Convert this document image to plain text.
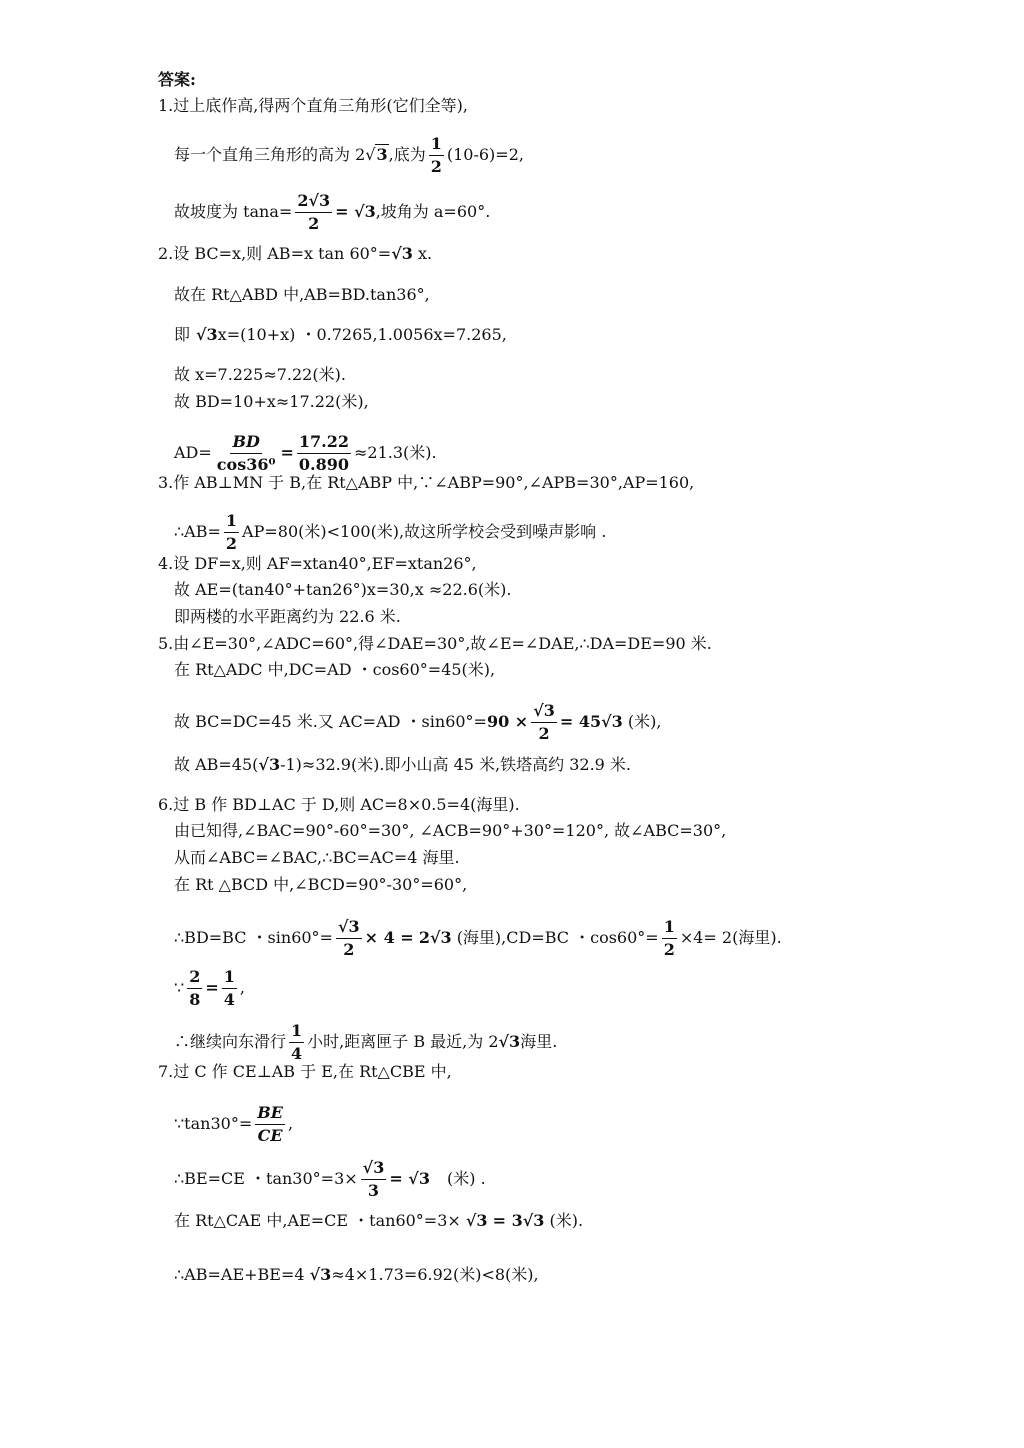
答案:
1.过上底作高,得两个直角三角形(它们全等),
每一个直角三角形的高为 2√3,底为 $\frac{1}{2} (10-6)=2$,
故坡度为 $\tan a= \frac{2√3}{2} = √3$,坡角为 a=60°.
2.设 BC=x,则 AB=x tan 60°=√3 x.
故在 Rt△ABD 中,AB=BD.tan36°,
即 √3x=(10+x) ・0.7265,1.0056x=7.265,
故 x=7.225≈7.22(米).
故 BD=10+x≈17.22(米),
$AD= \frac{BD}{\text{cos36⁰}} = \frac{17.22}{0.890} \approx 21.3$(米).
3.作 AB⊥MN 于 B,在 Rt△ABP 中,∵∠ABP=90°,∠APB=30°,AP=160,
∴AB= $\frac{1}{2} AP=80$(米)<100(米),故这所学校会受到噪声影响 .
4.设 DF=x,则 AF=xtan40°,EF=xtan26°,
故 AE=(tan40°+tan26°)x=30,x ≈22.6(米).
即两楼的水平距离约为 22.6 米.
5.由∠E=30°,∠ADC=60°,得∠DAE=30°,故∠E=∠DAE,∴DA=DE=90 米.
在 Rt△ADC 中,DC=AD ・cos60°=45(米),
故 BC=DC=45 米.又 AC=AD ・$\sin 60^\circ=90 \times \frac{√3}{2} = 45√3$ (米),
故 AB=45(√3-1)≈32.9(米).即小山高 45 米,铁塔高约 32.9 米.
6.过 B 作 BD⊥AC 于 D,则 AC=8×0.5=4(海里).
由已知得,∠BAC=90°-60°=30°, ∠ACB=90°+30°=120°, 故∠ABC=30°,
从而∠ABC=∠BAC,∴BC=AC=4 海里.
在 Rt △BCD 中,∠BCD=90°-30°=60°,
∴BD=BC ・$\sin 60^\circ= \frac{√3}{2} \times 4 = 2√3$ (海里),CD=BC ・$\cos 60^\circ= \frac{1}{2} \times 4= 2$(海里).
∵ $\frac{2}{8} = \frac{1}{4}$ ,
∴继续向东滑行 $\frac{1}{4}$ 小时,距离匣子 B 最近,为 2√3海里.
7.过 C 作 CE⊥AB 于 E,在 Rt△CBE 中,
∵tan30°= $\frac{BE}{CE}$ ,
∴BE=CE ・$\tan 30^\circ=3\times \frac{√3}{3} = √3$ (米) .
在 Rt△CAE 中,AE=CE ・tan60°=3× √3 = 3√3 (米).
∴AB=AE+BE=4 √3≈4×1.73=6.92(米)<8(米),
